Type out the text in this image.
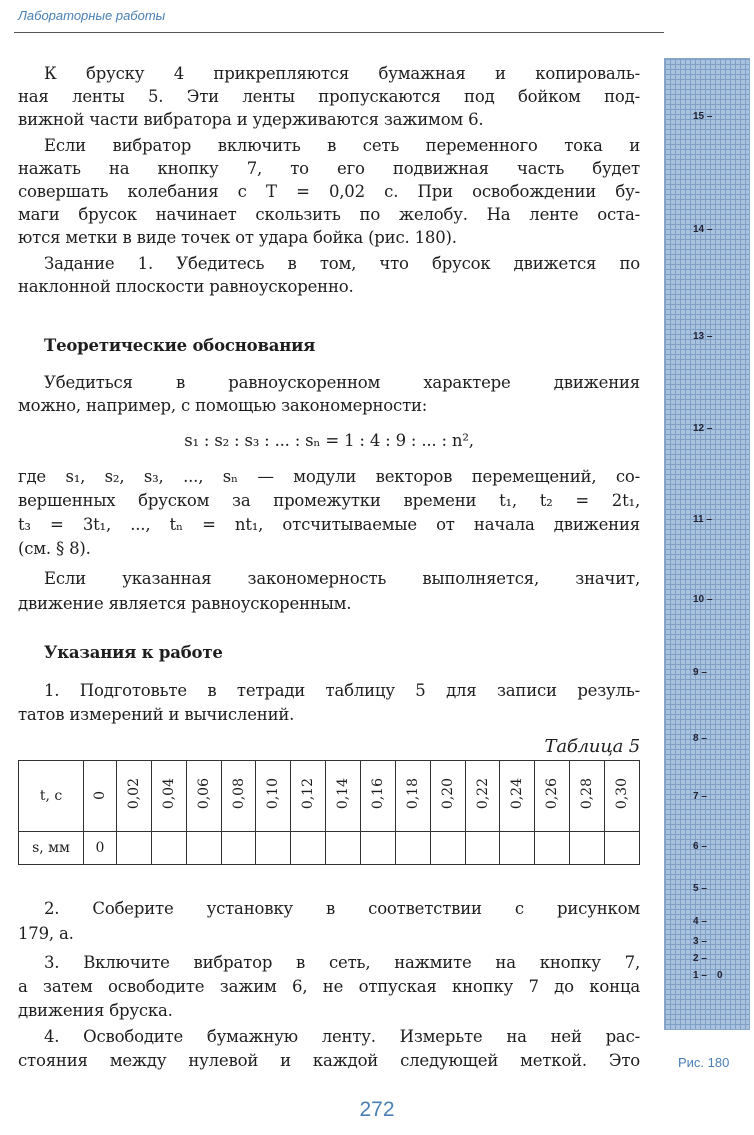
Лабораторные работы
К бруску 4 прикрепляются бумажная и копироваль-
ная ленты 5. Эти ленты пропускаются под бойком под-
вижной части вибратора и удерживаются зажимом 6.
Если вибратор включить в сеть переменного тока и
нажать на кнопку 7, то его подвижная часть будет
совершать колебания с T = 0,02 с. При освобождении бу-
маги брусок начинает скользить по желобу. На ленте оста-
ются метки в виде точек от удара бойка (рис. 180).
Задание 1. Убедитесь в том, что брусок движется по
наклонной плоскости равноускоренно.
Теоретические обоснования
Убедиться в равноускоренном характере движения
можно, например, с помощью закономерности:
s₁ : s₂ : s₃ : ... : sₙ = 1 : 4 : 9 : ... : n²,
где s₁, s₂, s₃, ..., sₙ — модули векторов перемещений, со-
вершенных бруском за промежутки времени t₁, t₂ = 2t₁,
t₃ = 3t₁, ..., tₙ = nt₁, отсчитываемые от начала движения
(см. § 8).
Если указанная закономерность выполняется, значит,
движение является равноускоренным.
Указания к работе
1. Подготовьте в тетради таблицу 5 для записи резуль-
татов измерений и вычислений.
Таблица 5
2. Соберите установку в соответствии с рисунком
179, а.
3. Включите вибратор в сеть, нажмите на кнопку 7,
а затем освободите зажим 6, не отпуская кнопку 7 до конца
движения бруска.
4. Освободите бумажную ленту. Измерьте на ней рас-
стояния между нулевой и каждой следующей меткой. Это
t, с	0	0,02	0,04	0,06	0,08	0,10	0,12	0,14	0,16	0,18	0,20	0,22	0,24	0,26	0,28	0,30
s, мм	0															
15 –
14 –
13 –
12 –
11 –
10 –
9 –
8 –
7 –
6 –
5 –
4 –
3 –
2 –
1 – 0
Рис. 180
272
